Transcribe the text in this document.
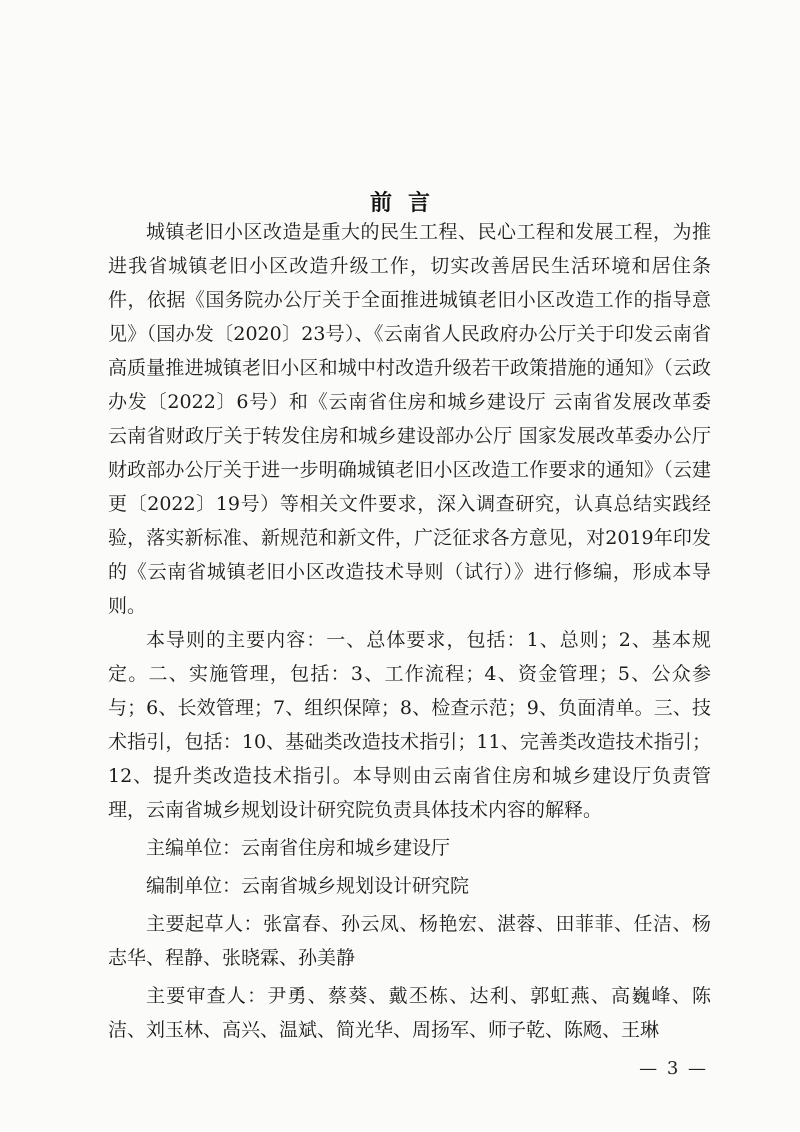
前言

城镇老旧小区改造是重大的民生工程、民心工程和发展工程，为推进我省城镇老旧小区改造升级工作，切实改善居民生活环境和居住条件，依据《国务院办公厅关于全面推进城镇老旧小区改造工作的指导意见》（国办发〔2020〕23号）、《云南省人民政府办公厅关于印发云南省高质量推进城镇老旧小区和城中村改造升级若干政策措施的通知》（云政办发〔2022〕6号）和《云南省住房和城乡建设厅 云南省发展改革委 云南省财政厅关于转发住房和城乡建设部办公厅 国家发展改革委办公厅 财政部办公厅关于进一步明确城镇老旧小区改造工作要求的通知》（云建更〔2022〕19号）等相关文件要求，深入调查研究，认真总结实践经验，落实新标准、新规范和新文件，广泛征求各方意见，对2019年印发的《云南省城镇老旧小区改造技术导则（试行）》进行修编，形成本导则。

本导则的主要内容：一、总体要求，包括：1、总则；2、基本规定。二、实施管理，包括：3、工作流程；4、资金管理；5、公众参与；6、长效管理；7、组织保障；8、检查示范；9、负面清单。三、技术指引，包括：10、基础类改造技术指引；11、完善类改造技术指引；12、提升类改造技术指引。本导则由云南省住房和城乡建设厅负责管理，云南省城乡规划设计研究院负责具体技术内容的解释。

主编单位：云南省住房和城乡建设厅

编制单位：云南省城乡规划设计研究院

主要起草人：张富春、孙云凤、杨艳宏、湛蓉、田菲菲、任洁、杨志华、程静、张晓霖、孙美静

主要审查人：尹勇、蔡葵、戴丕栋、达利、郭虹燕、高巍峰、陈洁、刘玉林、高兴、温斌、简光华、周扬军、师子乾、陈飏、王琳

— 3 —
